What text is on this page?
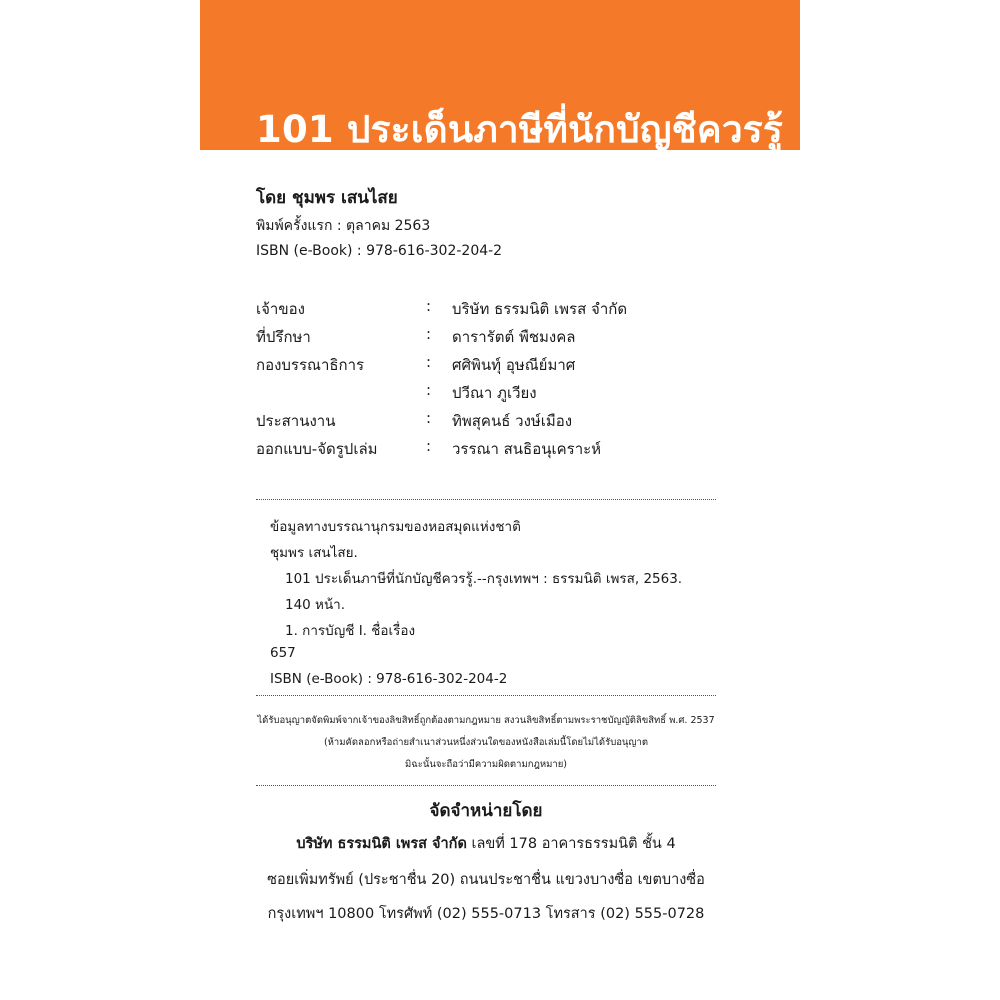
101 ประเด็นภาษีที่นักบัญชีควรรู้
โดย ชุมพร เสนไสย
พิมพ์ครั้งแรก : ตุลาคม 2563
ISBN (e-Book) : 978-616-302-204-2
เจ้าของ	: บริษัท ธรรมนิติ เพรส จำกัด
ที่ปรึกษา	: ดารารัตต์ พืชมงคล
กองบรรณาธิการ	: ศศิพินท์ุ อุษณีย์มาศ
: ปวีณา ภูเวียง
ประสานงาน	: ทิพสุคนธ์ วงษ์เมือง
ออกแบบ-จัดรูปเล่ม	: วรรณา สนธิอนุเคราะห์
ข้อมูลทางบรรณานุกรมของหอสมุดแห่งชาติ
ชุมพร เสนไสย.
101 ประเด็นภาษีที่นักบัญชีควรรู้.--กรุงเทพฯ : ธรรมนิติ เพรส, 2563.
140 หน้า.
1. การบัญชี I. ชื่อเรื่อง
657
ISBN (e-Book) : 978-616-302-204-2
ได้รับอนุญาตจัดพิมพ์จากเจ้าของลิขสิทธิ์ถูกต้องตามกฎหมาย สงวนลิขสิทธิ์ตามพระราชบัญญัติลิขสิทธิ์ พ.ศ. 2537
(ห้ามคัดลอกหรือถ่ายสำเนาส่วนหนึ่งส่วนใดของหนังสือเล่มนี้โดยไม่ได้รับอนุญาต
มิฉะนั้นจะถือว่ามีความผิดตามกฎหมาย)
จัดจำหน่ายโดย
บริษัท ธรรมนิติ เพรส จำกัด เลขที่ 178 อาคารธรรมนิติ ชั้น 4
ซอยเพิ่มทรัพย์ (ประชาชื่น 20) ถนนประชาชื่น แขวงบางซื่อ เขตบางซื่อ
กรุงเทพฯ 10800 โทรศัพท์ (02) 555-0713 โทรสาร (02) 555-0728
